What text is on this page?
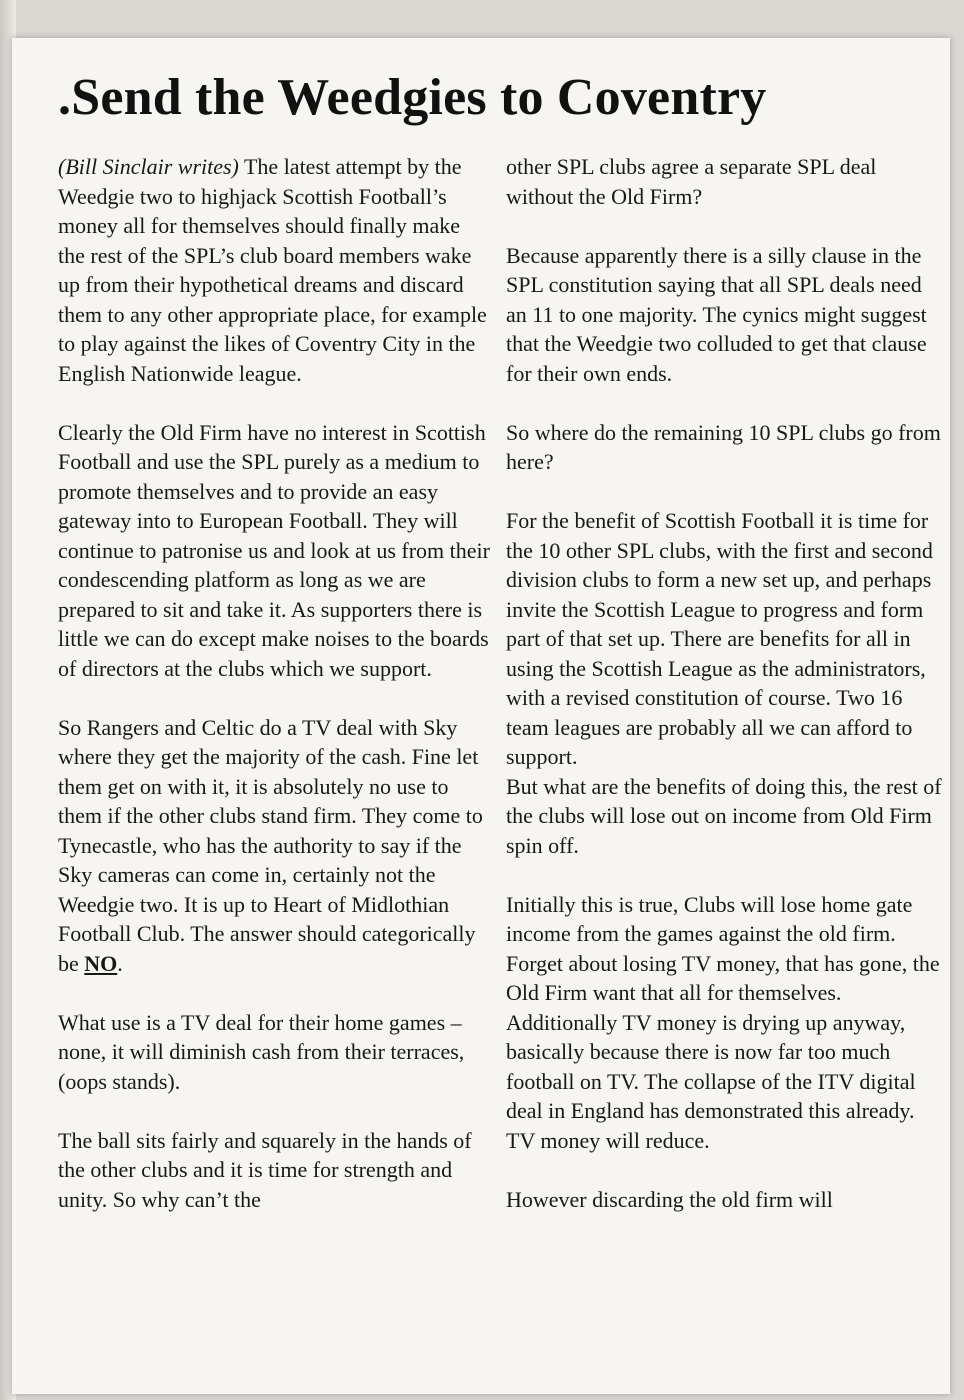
.Send the Weedgies to Coventry

(Bill Sinclair writes) The latest attempt by the Weedgie two to highjack Scottish Football’s money all for themselves should finally make the rest of the SPL’s club board members wake up from their hypothetical dreams and discard them to any other appropriate place, for example to play against the likes of Coventry City in the English Nationwide league.

Clearly the Old Firm have no interest in Scottish Football and use the SPL purely as a medium to promote themselves and to provide an easy gateway into to European Football. They will continue to patronise us and look at us from their condescending platform as long as we are prepared to sit and take it. As supporters there is little we can do except make noises to the boards of directors at the clubs which we support.

So Rangers and Celtic do a TV deal with Sky where they get the majority of the cash. Fine let them get on with it, it is absolutely no use to them if the other clubs stand firm. They come to Tynecastle, who has the authority to say if the Sky cameras can come in, certainly not the Weedgie two. It is up to Heart of Midlothian Football Club. The answer should categorically be NO.

What use is a TV deal for their home games – none, it will diminish cash from their terraces, (oops stands).

The ball sits fairly and squarely in the hands of the other clubs and it is time for strength and unity. So why can’t the

other SPL clubs agree a separate SPL deal without the Old Firm?

Because apparently there is a silly clause in the SPL constitution saying that all SPL deals need an 11 to one majority. The cynics might suggest that the Weedgie two colluded to get that clause for their own ends.

So where do the remaining 10 SPL clubs go from here?

For the benefit of Scottish Football it is time for the 10 other SPL clubs, with the first and second division clubs to form a new set up, and perhaps invite the Scottish League to progress and form part of that set up. There are benefits for all in using the Scottish League as the administrators, with a revised constitution of course. Two 16 team leagues are probably all we can afford to support.

But what are the benefits of doing this, the rest of the clubs will lose out on income from Old Firm spin off.

Initially this is true, Clubs will lose home gate income from the games against the old firm. Forget about losing TV money, that has gone, the Old Firm want that all for themselves. Additionally TV money is drying up anyway, basically because there is now far too much football on TV. The collapse of the ITV digital deal in England has demonstrated this already. TV money will reduce.

However discarding the old firm will
